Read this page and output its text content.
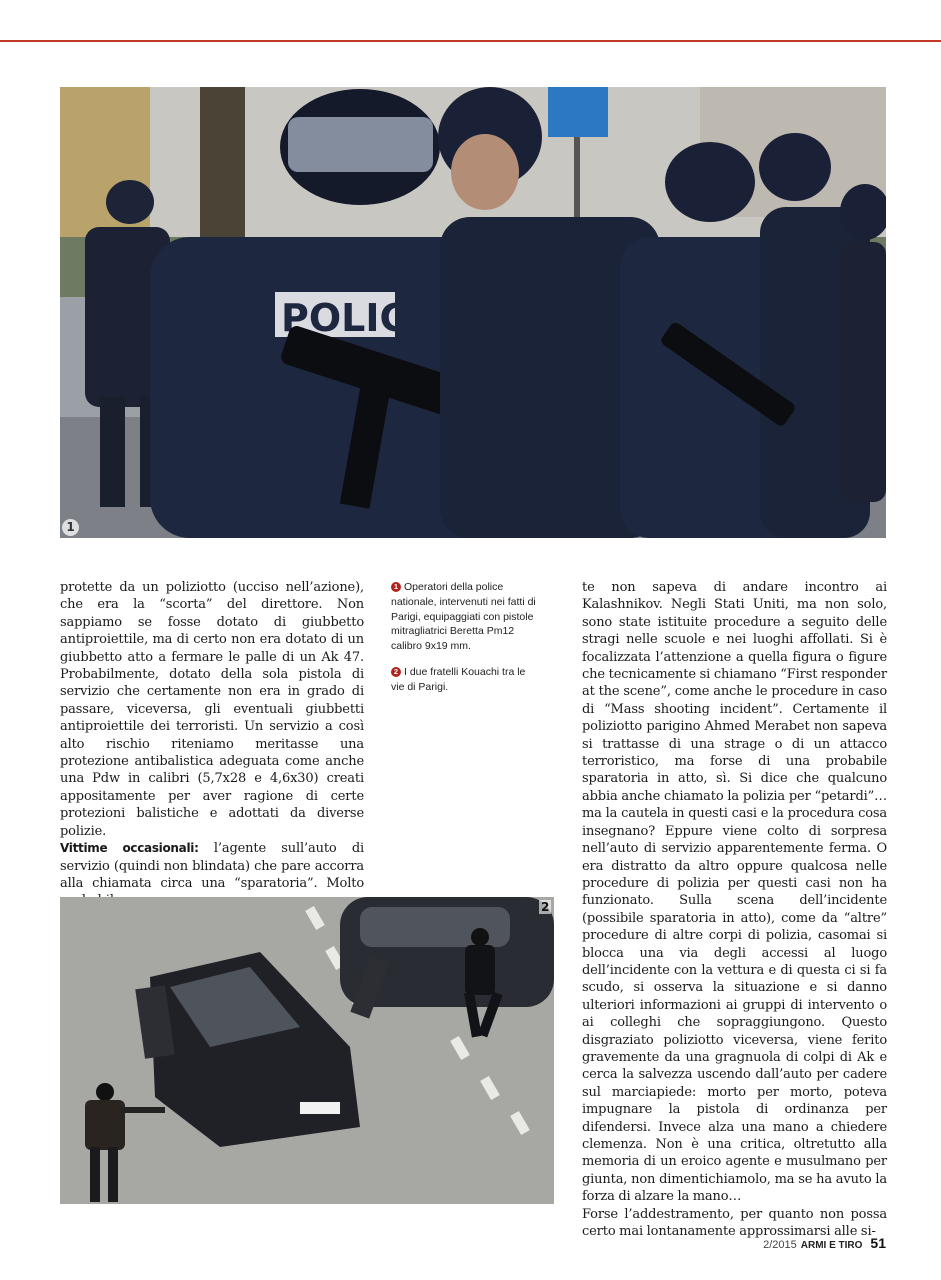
POLICE
1

protette da un poliziotto (ucciso nell’azione), che era la “scorta” del direttore. Non sappiamo se fosse dotato di giubbetto antiproiettile, ma di certo non era dotato di un giubbetto atto a fermare le palle di un Ak 47. Probabilmente, dotato della sola pistola di servizio che certamente non era in grado di passare, viceversa, gli eventuali giubbetti antiproiettile dei terroristi. Un servizio a così alto rischio riteniamo meritasse una protezione antibalistica adeguata come anche una Pdw in calibri (5,7x28 e 4,6x30) creati appositamente per aver ragione di certe protezioni balistiche e adottati da diverse polizie.

Vittime occasionali: l’agente sull’auto di servizio (quindi non blindata) che pare accorra alla chiamata circa una “sparatoria”. Molto

1 Operatori della police nationale, intervenuti nei fatti di Parigi, equipaggiati con pistole mitragliatrici Beretta Pm12 calibro 9x19 mm.

2 I due fratelli Kouachi tra le vie di Parigi.

te non sapeva di andare incontro ai Kalashnikov. Negli Stati Uniti, ma non solo, sono state istituite procedure a seguito delle stragi nelle scuole e nei luoghi affollati. Si è focalizzata l’attenzione a quella figura o figure che tecnicamente si chiamano “First responder at the scene”, come anche le procedure in caso di “Mass shooting incident”. Certamente il poliziotto parigino Ahmed Merabet non sapeva si trattasse di una strage o di un attacco terroristico, ma forse di una probabile sparatoria in atto, sì. Si dice che qualcuno abbia anche chiamato la polizia per “petardi”… ma la cautela in questi casi e la procedura cosa insegnano? Eppure viene colto di sorpresa nell’auto di servizio apparentemente ferma. O era distratto da altro oppure qualcosa nelle procedure di polizia per questi casi non ha funzionato. Sulla scena dell’incidente (possibile sparatoria in atto), come da “altre” procedure di altre corpi di polizia, casomai si blocca una via degli accessi al luogo dell’incidente con la vettura e di questa ci si fa scudo, si osserva la situazione e si danno ulteriori informazioni ai gruppi di intervento o ai colleghi che sopraggiungono. Questo disgraziato poliziotto viceversa, viene ferito gravemente da una gragnuola di colpi di Ak e cerca la salvezza uscendo dall’auto per cadere sul marciapiede: morto per morto, poteva impugnare la pistola di ordinanza per difendersi. Invece alza una mano a chiedere clemenza. Non è una critica, oltretutto alla memoria di un eroico agente e musulmano per giunta, non dimentichiamolo, ma se ha avuto la forza di alzare la mano…

Forse l’addestramento, per quanto non possa certo mai lontanamente approssimarsi alle si-

2
2/2015 ARMI E TIRO 51
